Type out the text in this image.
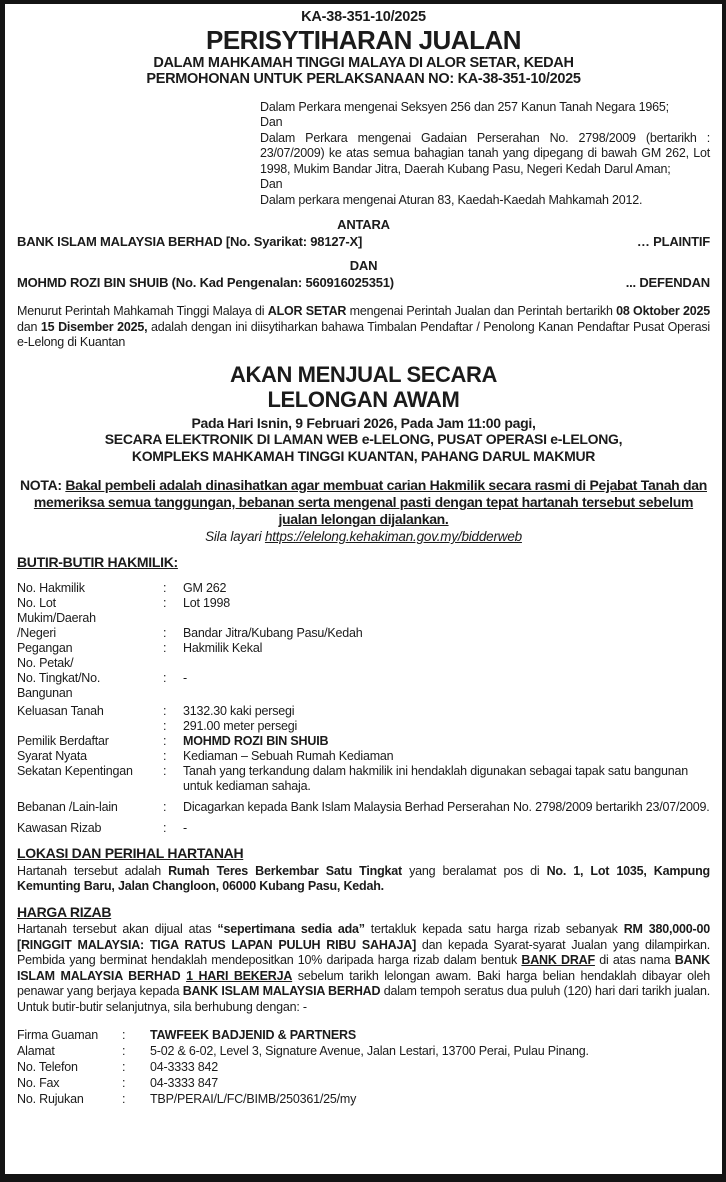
KA-38-351-10/2025
PERISYTIHARAN JUALAN
DALAM MAHKAMAH TINGGI MALAYA DI ALOR SETAR, KEDAH
PERMOHONAN UNTUK PERLAKSANAAN NO: KA-38-351-10/2025
Dalam Perkara mengenai Seksyen 256 dan 257 Kanun Tanah Negara 1965;
Dan
Dalam Perkara mengenai Gadaian Perserahan No. 2798/2009 (bertarikh : 23/07/2009) ke atas semua bahagian tanah yang dipegang di bawah GM 262, Lot 1998, Mukim Bandar Jitra, Daerah Kubang Pasu, Negeri Kedah Darul Aman;
Dan
Dalam perkara mengenai Aturan 83, Kaedah-Kaedah Mahkamah 2012.
ANTARA
BANK ISLAM MALAYSIA BERHAD [No. Syarikat: 98127-X]	… PLAINTIF
DAN
MOHMD ROZI BIN SHUIB (No. Kad Pengenalan: 560916025351)	... DEFENDAN
Menurut Perintah Mahkamah Tinggi Malaya di ALOR SETAR mengenai Perintah Jualan dan Perintah bertarikh 08 Oktober 2025 dan 15 Disember 2025, adalah dengan ini diisytiharkan bahawa Timbalan Pendaftar / Penolong Kanan Pendaftar Pusat Operasi e-Lelong di Kuantan
AKAN MENJUAL SECARA
LELONGAN AWAM
Pada Hari Isnin, 9 Februari 2026, Pada Jam 11:00 pagi,
SECARA ELEKTRONIK DI LAMAN WEB e-LELONG, PUSAT OPERASI e-LELONG,
KOMPLEKS MAHKAMAH TINGGI KUANTAN, PAHANG DARUL MAKMUR
NOTA: Bakal pembeli adalah dinasihatkan agar membuat carian Hakmilik secara rasmi di Pejabat Tanah dan memeriksa semua tanggungan, bebanan serta mengenal pasti dengan tepat hartanah tersebut sebelum jualan lelongan dijalankan.
Sila layari https://elelong.kehakiman.gov.my/bidderweb
BUTIR-BUTIR HAKMILIK:
No. Hakmilik	:	GM 262
No. Lot	:	Lot 1998
Mukim/Daerah
/Negeri	:	Bandar Jitra/Kubang Pasu/Kedah
Pegangan	:	Hakmilik Kekal
No. Petak/
No. Tingkat/No.	:	-
Bangunan
Keluasan Tanah	:	3132.30 kaki persegi
:	291.00 meter persegi
Pemilik Berdaftar	:	MOHMD ROZI BIN SHUIB
Syarat Nyata	:	Kediaman – Sebuah Rumah Kediaman
Sekatan Kepentingan	:	Tanah yang terkandung dalam hakmilik ini hendaklah digunakan sebagai tapak satu bangunan untuk kediaman sahaja.
Bebanan /Lain-lain	:	Dicagarkan kepada Bank Islam Malaysia Berhad Perserahan No. 2798/2009 bertarikh 23/07/2009.
Kawasan Rizab	:	-
LOKASI DAN PERIHAL HARTANAH
Hartanah tersebut adalah Rumah Teres Berkembar Satu Tingkat yang beralamat pos di No. 1, Lot 1035, Kampung Kemunting Baru, Jalan Changloon, 06000 Kubang Pasu, Kedah.
HARGA RIZAB
Hartanah tersebut akan dijual atas “sepertimana sedia ada” tertakluk kepada satu harga rizab sebanyak RM 380,000-00 [RINGGIT MALAYSIA: TIGA RATUS LAPAN PULUH RIBU SAHAJA] dan kepada Syarat-syarat Jualan yang dilampirkan. Pembida yang berminat hendaklah mendepositkan 10% daripada harga rizab dalam bentuk BANK DRAF di atas nama BANK ISLAM MALAYSIA BERHAD 1 HARI BEKERJA sebelum tarikh lelongan awam. Baki harga belian hendaklah dibayar oleh penawar yang berjaya kepada BANK ISLAM MALAYSIA BERHAD dalam tempoh seratus dua puluh (120) hari dari tarikh jualan. Untuk butir-butir selanjutnya, sila berhubung dengan: -
Firma Guaman	:	TAWFEEK BADJENID & PARTNERS
Alamat	:	5-02 & 6-02, Level 3, Signature Avenue, Jalan Lestari, 13700 Perai, Pulau Pinang.
No. Telefon	:	04-3333 842
No. Fax	:	04-3333 847
No. Rujukan	:	TBP/PERAI/L/FC/BIMB/250361/25/my
